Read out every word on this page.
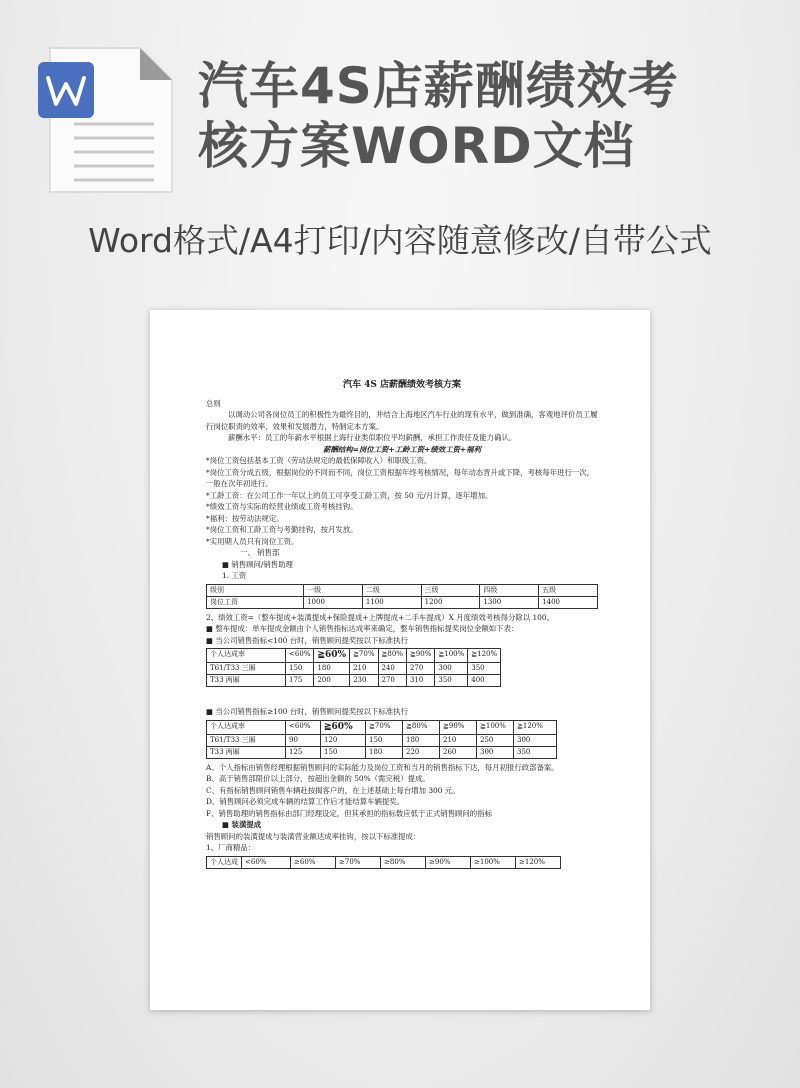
汽车4S店薪酬绩效考
核方案WORD文档
Word格式/A4打印/内容随意修改/自带公式
汽车 4S 店薪酬绩效考核方案

总则

以调动公司各岗位员工的积极性为最终目的，并结合上海地区汽车行业的现有水平，做到准确，客观地评价员工履行岗位职责的效率，效果和发展潜力，特制定本方案。

薪酬水平：员工的年薪水平根据上海行业类似职位平均薪酬，承担工作责任及能力确认。

薪酬结构=岗位工资+工龄工资+绩效工资+福利

*岗位工资包括基本工资（劳动法规定的最低保障收入）和职级工资。

*岗位工资分成五级，根据岗位的不同而不同，岗位工资根据年终考核情况，每年动态晋升或下降，考核每年进行一次，一般在次年初进行。

*工龄工资：在公司工作一年以上的员工可享受工龄工资，按 50 元/月计算，逐年增加。

*绩效工资与实际的经营业绩或工资考核挂钩。

*福利：按劳动法规定。

*岗位工资和工龄工资与考勤挂钩，按月发放。

*实用期人员只有岗位工资。

一、 销售部

■ 销售顾问/销售助理

1. 工资

级别	一级	二级	三级	四级	五级
岗位工资	1000	1100	1200	1300	1400

2、绩效工资=（整车提成+装潢提成+保险提成+上牌提成+二手车提成）X 月度绩效考核得分除以 100。

■ 整车提成：单车提成金额由个人销售指标达成率来确定，整车销售指标提奖岗位金额如下表：

■ 当公司销售指标<100 台时，销售顾问提奖按以下标准执行

个人达成率	<60%	≧60%	≧70%	≧80%	≧90%	≧100%	≧120%
T61/T33 三厢	150	180	210	240	270	300	350
T33 两厢	175	200	230	270	310	350	400

■ 当公司销售指标≥100 台时，销售顾问提奖按以下标准执行

个人达成率	<60%	≧60%	≧70%	≧80%	≧90%	≧100%	≧120%
T61/T33 三厢	90	120	150	180	210	250	300
T33 两厢	125	150	180	220	260	300	350

A、个人指标由销售经理根据销售顾问的实际能力及岗位工资和当月的销售指标下达，每月初报行政部备案。

B、高于销售部限价以上部分，按超出金额的 50%（需完税）提成。

C、有指标销售顾问销售车辆赴按揭客户的，在上述基础上每台增加 300 元。

D、销售顾问必须完成车辆的结算工作后才能结算车辆提奖。

F、销售助理的销售指标由部门经理设定，但其承担的指标数应低于正式销售顾问的指标

■ 装潢提成

销售顾问的装潢提成与装潢营业额达成率挂钩，按以下标准提成：

1、厂商精品：

个人达成	<60%	≥60%	≥70%	≥80%	≥90%	≥100%	≥120%
